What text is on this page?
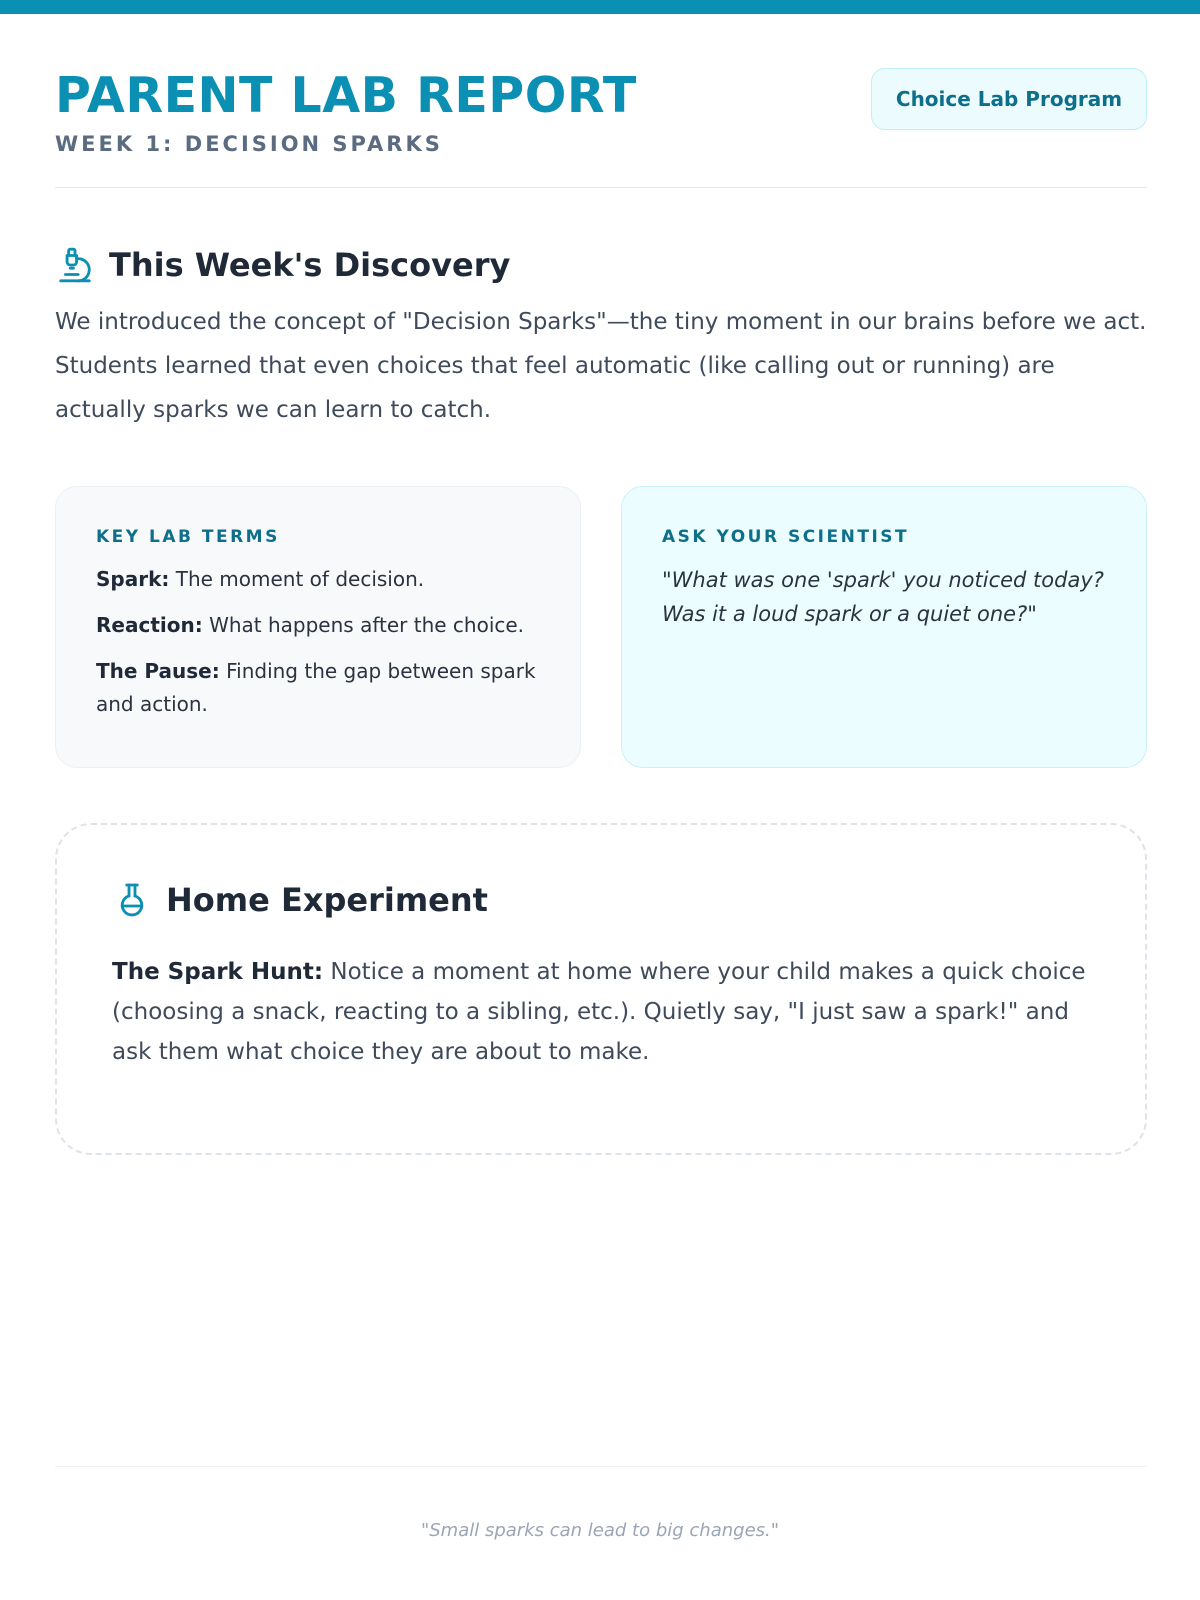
PARENT LAB REPORT
WEEK 1: DECISION SPARKS
Choice Lab Program
This Week's Discovery

We introduced the concept of "Decision Sparks"—the tiny moment in our brains before we act. Students learned that even choices that feel automatic (like calling out or running) are actually sparks we can learn to catch.

KEY LAB TERMS
Spark: The moment of decision.
Reaction: What happens after the choice.
The Pause: Finding the gap between spark and action.
ASK YOUR SCIENTIST

"What was one 'spark' you noticed today? Was it a loud spark or a quiet one?"

Home Experiment

The Spark Hunt: Notice a moment at home where your child makes a quick choice (choosing a snack, reacting to a sibling, etc.). Quietly say, "I just saw a spark!" and ask them what choice they are about to make.

"Small sparks can lead to big changes."
